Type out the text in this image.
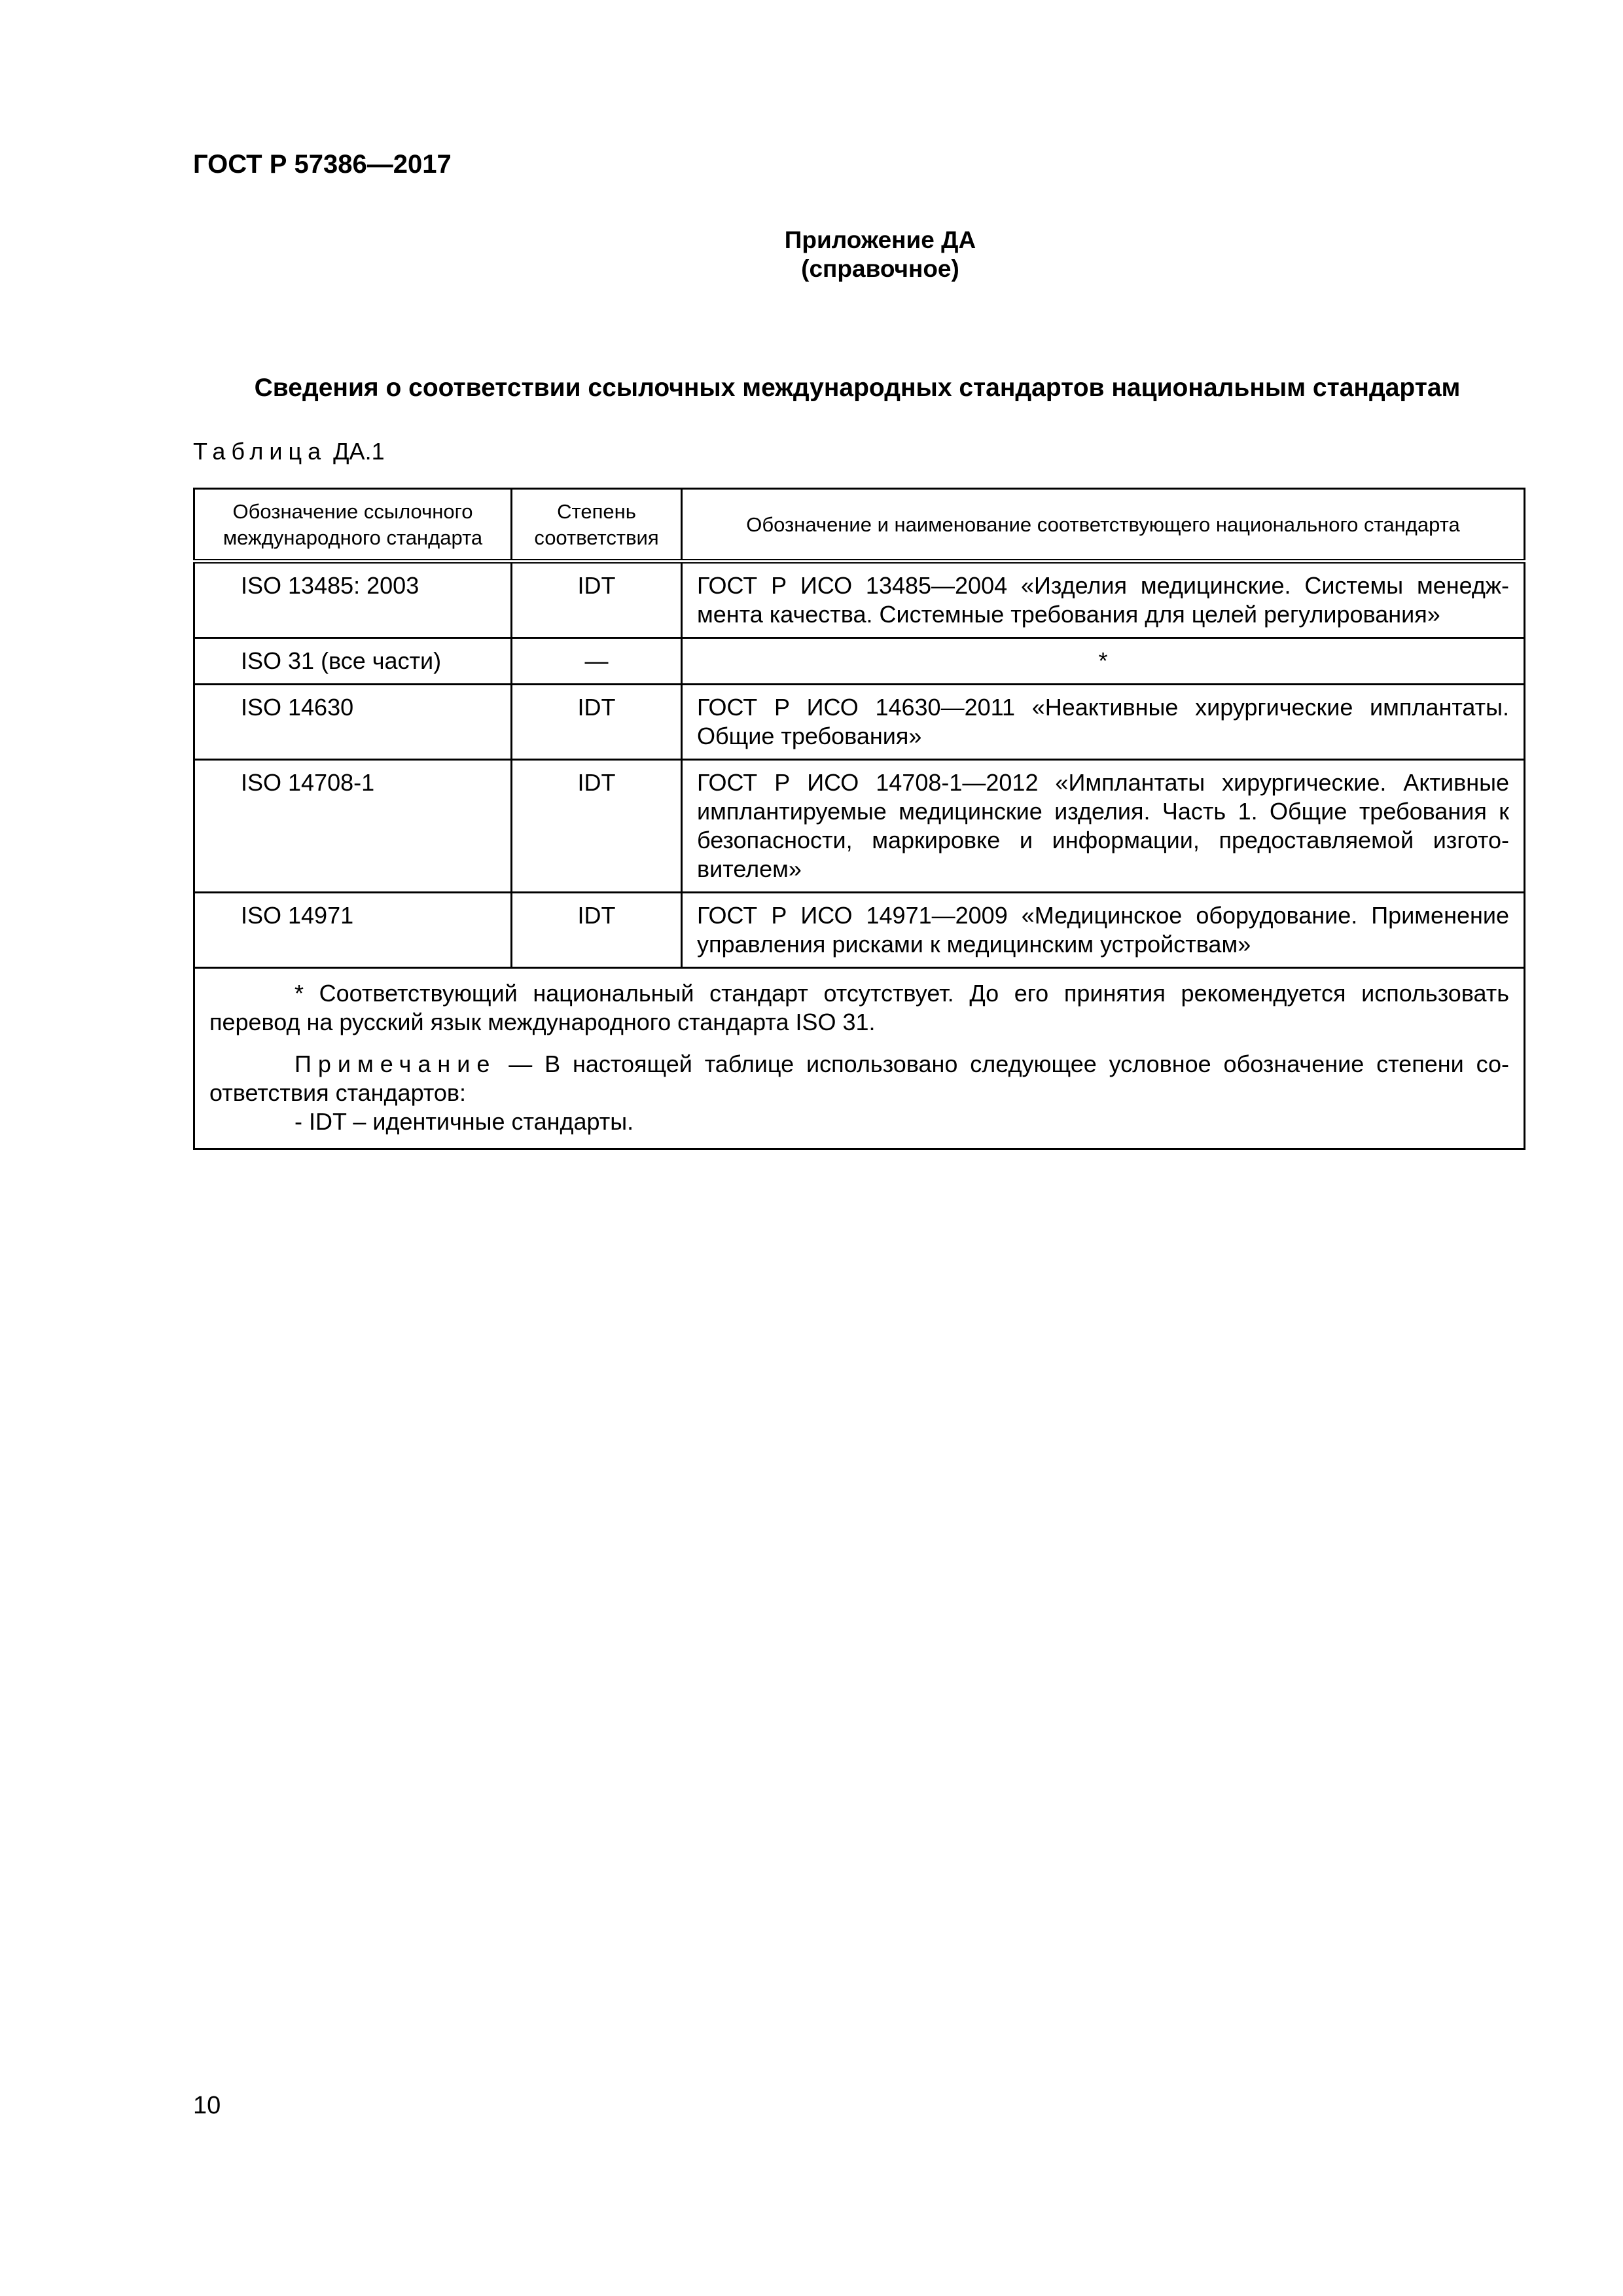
ГОСТ Р 57386—2017
Приложение ДА
(справочное)
Сведения о соответствии ссылочных международных стандартов национальным стандартам
Таблица ДА.1
Обозначение ссылочного международного стандарта	Степень соответствия	Обозначение и наименование соответствующего национального стандарта
ISO 13485: 2003	IDT	ГОСТ Р ИСО 13485—2004 «Изделия медицинские. Системы менеджмента качества. Системные требования для целей регулирования»
ISO 31 (все части)	—	*
ISO 14630	IDT	ГОСТ Р ИСО 14630—2011 «Неактивные хирургические имплантаты. Общие требования»
ISO 14708-1	IDT	ГОСТ Р ИСО 14708-1—2012 «Имплантаты хирургические. Активные имплантируемые медицинские изделия. Часть 1. Общие требования к безопасности, маркировке и информации, предоставляемой изготовителем»
ISO 14971	IDT	ГОСТ Р ИСО 14971—2009 «Медицинское оборудование. Применение управления рисками к медицинским устройствам»

* Соответствующий национальный стандарт отсутствует. До его принятия рекомендуется использовать перевод на русский язык международного стандарта ISO 31.

Примечание — В настоящей таблице использовано следующее условное обозначение степени соответствия стандартов:

- IDT – идентичные стандарты.		

10
